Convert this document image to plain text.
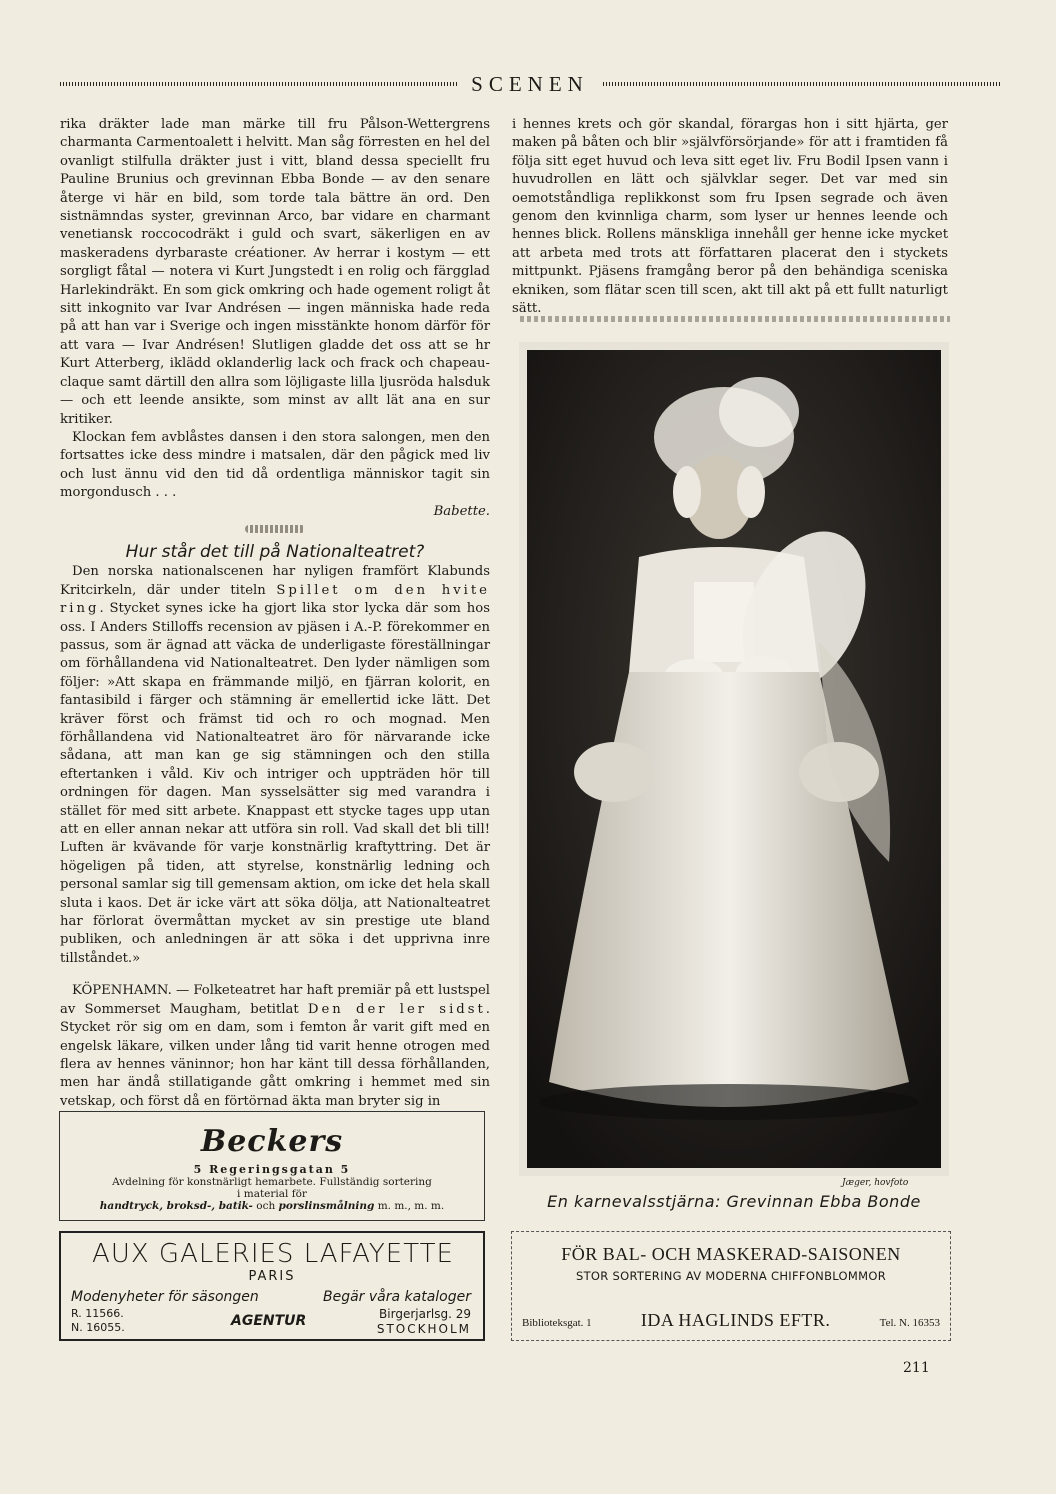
SCENEN

rika dräkter lade man märke till fru Pålson-Wettergrens charmanta Carmentoalett i helvitt. Man såg förresten en hel del ovanligt stilfulla dräkter just i vitt, bland dessa speciellt fru Pauline Brunius och grevinnan Ebba Bonde — av den senare återge vi här en bild, som torde tala bättre än ord. Den sistnämndas syster, grevinnan Arco, bar vidare en charmant venetiansk roccocodräkt i guld och svart, säkerligen en av maskeradens dyrbaraste créationer. Av herrar i kostym — ett sorgligt fåtal — notera vi Kurt Jungstedt i en rolig och färgglad Harlekindräkt. En som gick omkring och hade ogement roligt åt sitt inkognito var Ivar Andrésen — ingen människa hade reda på att han var i Sverige och ingen misstänkte honom därför för att vara — Ivar Andrésen! Slutligen gladde det oss att se hr Kurt Atterberg, iklädd oklanderlig lack och frack och chapeau-claque samt därtill den allra som löjligaste lilla ljusröda halsduk — och ett leende ansikte, som minst av allt lät ana en sur kritiker.

Klockan fem avblåstes dansen i den stora salongen, men den fortsattes icke dess mindre i matsalen, där den pågick med liv och lust ännu vid den tid då ordentliga människor tagit sin morgondusch . . .

Babette.
Hur står det till på Nationalteatret?

Den norska nationalscenen har nyligen framfört Klabunds Kritcirkeln, där under titeln Spillet om den hvite ring. Stycket synes icke ha gjort lika stor lycka där som hos oss. I Anders Stilloffs recension av pjäsen i A.-P. förekommer en passus, som är ägnad att väcka de underligaste föreställningar om förhållandena vid Nationalteatret. Den lyder nämligen som följer: »Att skapa en främmande miljö, en fjärran kolorit, en fantasibild i färger och stämning är emellertid icke lätt. Det kräver först och främst tid och ro och mognad. Men förhållandena vid Nationalteatret äro för närvarande icke sådana, att man kan ge sig stämningen och den stilla eftertanken i våld. Kiv och intriger och uppträden hör till ordningen för dagen. Man sysselsätter sig med varandra i stället för med sitt arbete. Knappast ett stycke tages upp utan att en eller annan nekar att utföra sin roll. Vad skall det bli till! Luften är kvävande för varje konstnärlig kraftyttring. Det är högeligen på tiden, att styrelse, konstnärlig ledning och personal samlar sig till gemensam aktion, om icke det hela skall sluta i kaos. Det är icke värt att söka dölja, att Nationalteatret har förlorat övermåttan mycket av sin prestige ute bland publiken, och anledningen är att söka i det upprivna inre tillståndet.»

KÖPENHAMN. — Folketeatret har haft premiär på ett lustspel av Sommerset Maugham, betitlat Den der ler sidst. Stycket rör sig om en dam, som i femton år varit gift med en engelsk läkare, vilken under lång tid varit henne otrogen med flera av hennes väninnor; hon har känt till dessa förhållanden, men har ändå stillatigande gått omkring i hemmet med sin vetskap, och först då en förtörnad äkta man bryter sig in

i hennes krets och gör skandal, förargas hon i sitt hjärta, ger maken på båten och blir »självförsörjande» för att i framtiden få följa sitt eget huvud och leva sitt eget liv. Fru Bodil Ipsen vann i huvudrollen en lätt och självklar seger. Det var med sin oemotståndliga replikkonst som fru Ipsen segrade och även genom den kvinnliga charm, som lyser ur hennes leende och hennes blick. Rollens mänskliga innehåll ger henne icke mycket att arbeta med trots att författaren placerat den i styckets mittpunkt. Pjäsens framgång beror på den behändiga sceniska ekniken, som flätar scen till scen, akt till akt på ett fullt naturligt sätt.

Jæger, hovfoto
En karnevalsstjärna: Grevinnan Ebba Bonde
Beckers
5 Regeringsgatan 5
Avdelning för konstnärligt hemarbete. Fullständig sortering
i material för
handtryck, broksd-, batik- och porslinsmålning m. m., m. m.
AUX GALERIES LAFAYETTE
PARIS
Modenyheter för säsongen	Begär våra kataloger
R. 11566.
N. 16055.	AGENTUR	Birgerjarlsg. 29
STOCKHOLM
FÖR BAL- OCH MASKERAD-SAISONEN
STOR SORTERING AV MODERNA CHIFFONBLOMMOR
Biblioteksgat. 1	IDA HAGLINDS EFTR.	Tel. N. 16353
211
